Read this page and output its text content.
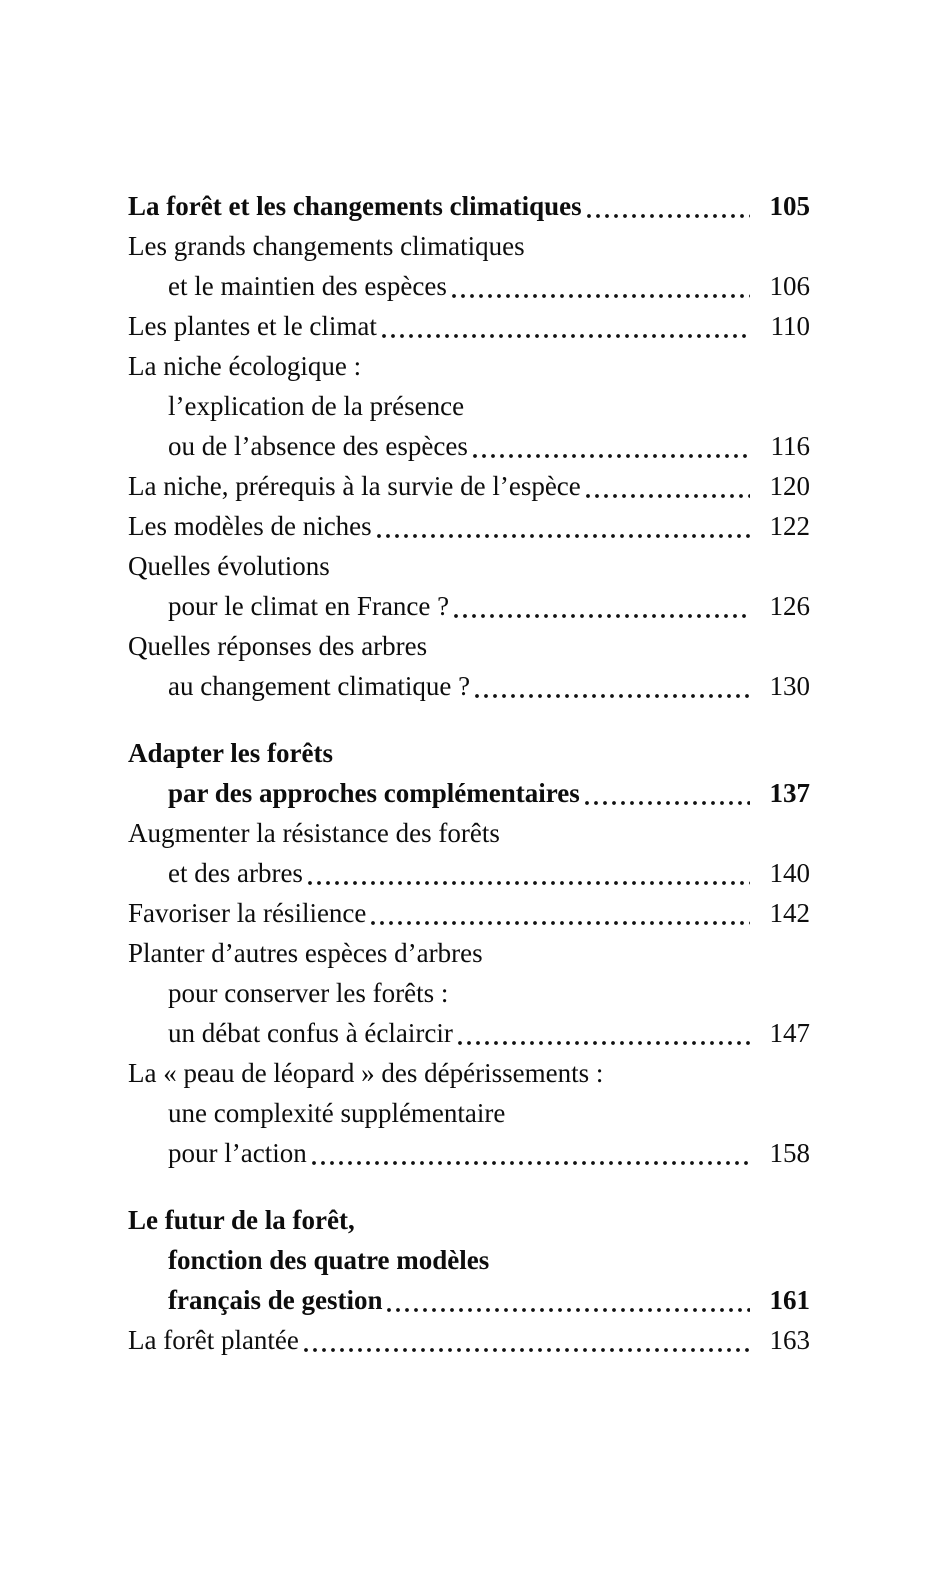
La forêt et les changements climatiques	105
Les grands changements climatiques
et le maintien des espèces	106
Les plantes et le climat	110
La niche écologique :
l’explication de la présence
ou de l’absence des espèces	116
La niche, prérequis à la survie de l’espèce	120
Les modèles de niches	122
Quelles évolutions
pour le climat en France ?	126
Quelles réponses des arbres
au changement climatique ?	130
Adapter les forêts
par des approches complémentaires	137
Augmenter la résistance des forêts
et des arbres	140
Favoriser la résilience	142
Planter d’autres espèces d’arbres
pour conserver les forêts :
un débat confus à éclaircir	147
La « peau de léopard » des dépérissements :
une complexité supplémentaire
pour l’action	158
Le futur de la forêt,
fonction des quatre modèles
français de gestion	161
La forêt plantée	163
